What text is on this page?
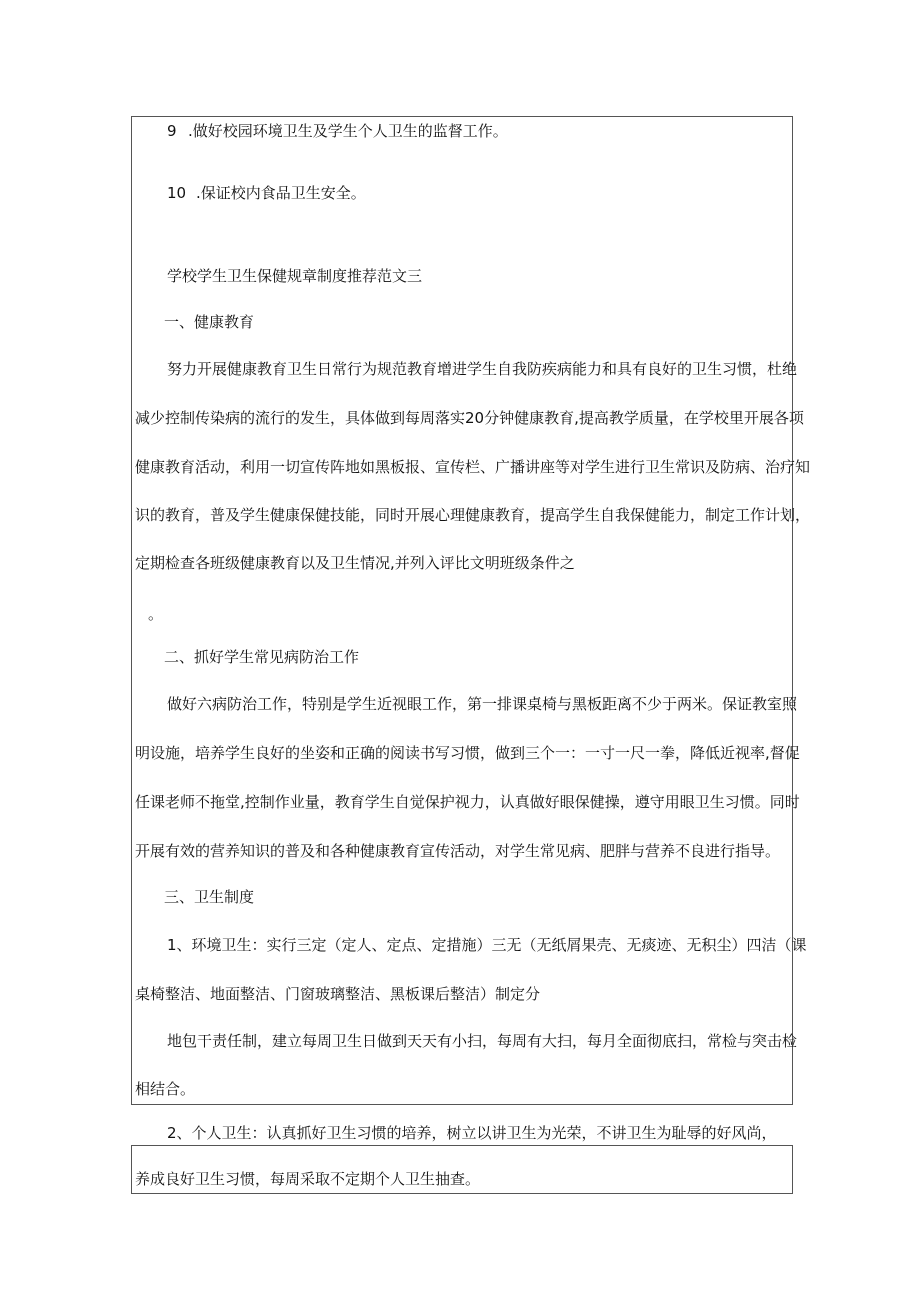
9 .做好校园环境卫生及学生个人卫生的监督工作。

10 .保证校内食品卫生安全。

学校学生卫生保健规章制度推荐范文三

一、健康教育

努力开展健康教育卫生日常行为规范教育增进学生自我防疾病能力和具有良好的卫生习惯，杜绝

减少控制传染病的流行的发生，具体做到每周落实20分钟健康教育,提高教学质量，在学校里开展各项

健康教育活动，利用一切宣传阵地如黑板报、宣传栏、广播讲座等对学生进行卫生常识及防病、治疗知

识的教育，普及学生健康保健技能，同时开展心理健康教育，提高学生自我保健能力，制定工作计划，

定期检查各班级健康教育以及卫生情况,并列入评比文明班级条件之

。

二、抓好学生常见病防治工作

做好六病防治工作，特别是学生近视眼工作，第一排课桌椅与黑板距离不少于两米。保证教室照

明设施，培养学生良好的坐姿和正确的阅读书写习惯，做到三个一：一寸一尺一拳，降低近视率,督促

任课老师不拖堂,控制作业量，教育学生自觉保护视力，认真做好眼保健操，遵守用眼卫生习惯。同时

开展有效的营养知识的普及和各种健康教育宣传活动，对学生常见病、肥胖与营养不良进行指导。

三、卫生制度

1、环境卫生：实行三定（定人、定点、定措施）三无（无纸屑果壳、无痰迹、无积尘）四洁（课

桌椅整洁、地面整洁、门窗玻璃整洁、黑板课后整洁）制定分

地包干责任制，建立每周卫生日做到天天有小扫，每周有大扫，每月全面彻底扫，常检与突击检

相结合。

2、个人卫生：认真抓好卫生习惯的培养，树立以讲卫生为光荣，不讲卫生为耻辱的好风尚，

养成良好卫生习惯，每周采取不定期个人卫生抽查。
